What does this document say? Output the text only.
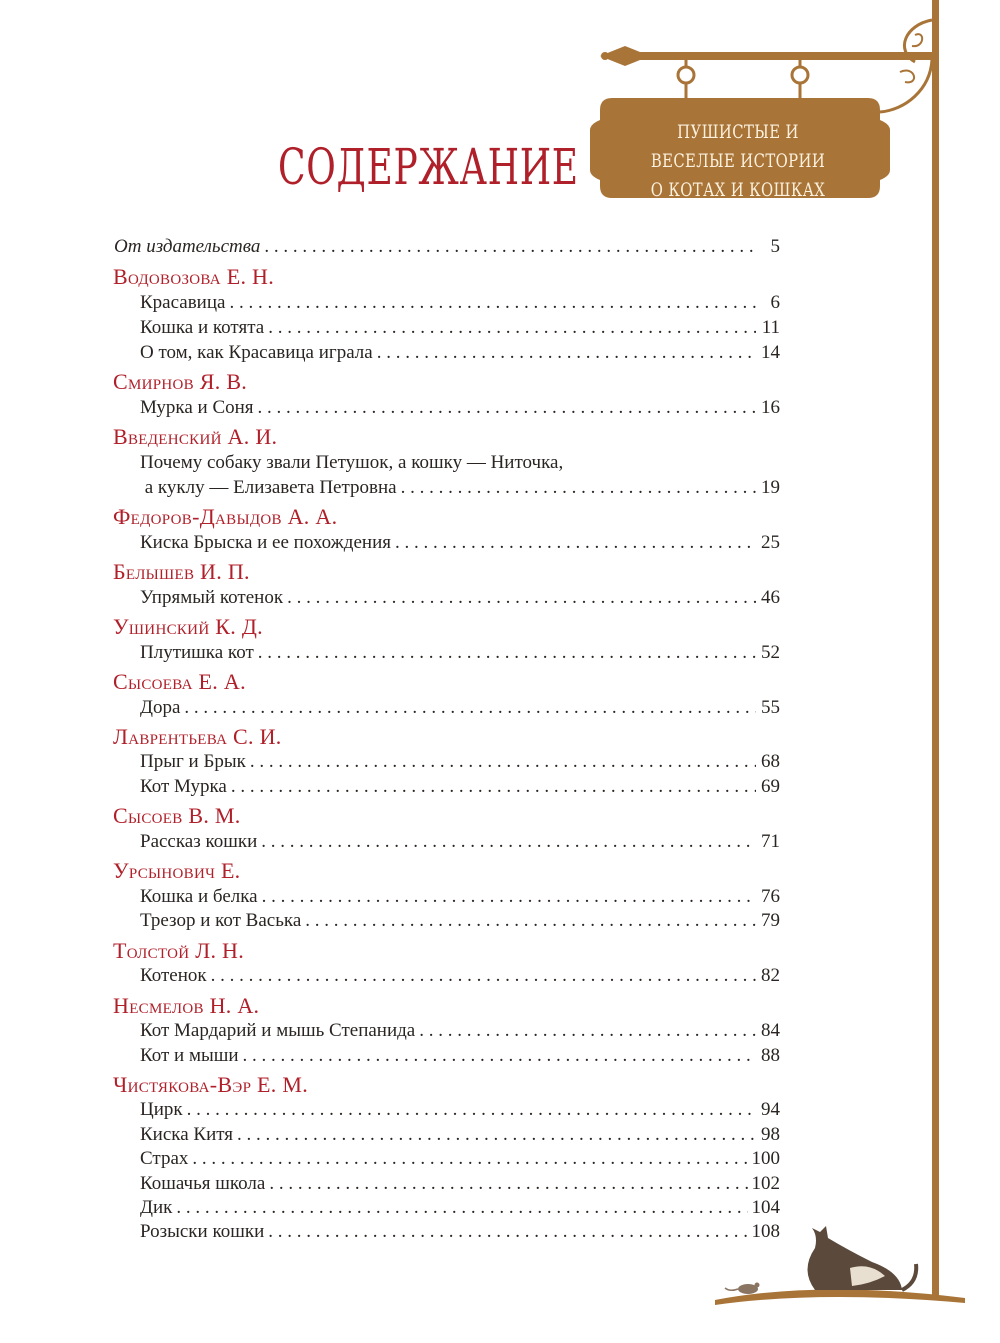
ПУШИСТЫЕ И ВЕСЕЛЫЕ ИСТОРИИ
О КОТАХ И КОШКАХ
СОДЕРЖАНИЕ
От издательства . . .	5
Водовозова Е. Н.
Красавица . . .	6
Кошка и котята . . .	11
О том, как Красавица играла . . .	14
Смирнов Я. В.
Мурка и Соня . . .	16
Введенский А. И.
Почему собаку звали Петушок, а кошку — Ниточка,
а куклу — Елизавета Петровна . . .	19
Федоров-Давыдов А. А.
Киска Брыска и ее похождения . . .	25
Белышев И. П.
Упрямый котенок . . .	46
Ушинский К. Д.
Плутишка кот . . .	52
Сысоева Е. А.
Дора . . .	55
Лаврентьева С. И.
Прыг и Брык . . .	68
Кот Мурка . . .	69
Сысоев В. М.
Рассказ кошки . . .	71
Урсынович Е.
Кошка и белка . . .	76
Трезор и кот Васька . . .	79
Толстой Л. Н.
Котенок . . .	82
Несмелов Н. А.
Кот Мардарий и мышь Степанида . . .	84
Кот и мыши . . .	88
Чистякова-Вэр Е. М.
Цирк . . .	94
Киска Китя . . .	98
Страх . . .	100
Кошачья школа . . .	102
Дик . . .	104
Розыски кошки . . .	108
